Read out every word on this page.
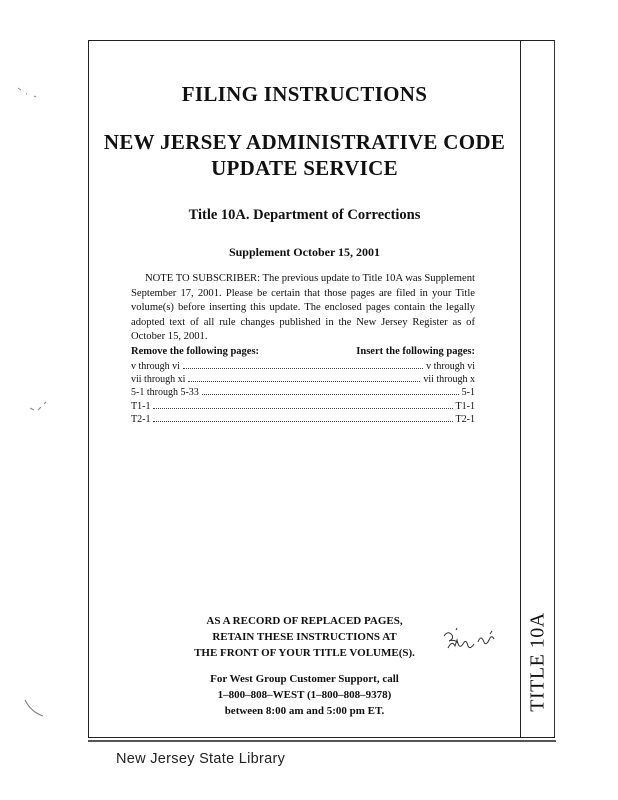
TITLE 10A
FILING INSTRUCTIONS
NEW JERSEY ADMINISTRATIVE CODE
UPDATE SERVICE
Title 10A. Department of Corrections
Supplement October 15, 2001

NOTE TO SUBSCRIBER: The previous update to Title 10A was Supplement September 17, 2001. Please be certain that those pages are filed in your Title volume(s) before inserting this update. The enclosed pages contain the legally adopted text of all rule changes published in the New Jersey Register as of October 15, 2001.

Remove the following pages:	Insert the following pages:
v through vi	v through vi
vii through xi	vii through x
5-1 through 5-33	5-1
T1-1	T1-1
T2-1	T2-1
AS A RECORD OF REPLACED PAGES,
RETAIN THESE INSTRUCTIONS AT
THE FRONT OF YOUR TITLE VOLUME(S).
For West Group Customer Support, call
1–800–808–WEST (1–800–808–9378)
between 8:00 am and 5:00 pm ET.
New Jersey State Library
